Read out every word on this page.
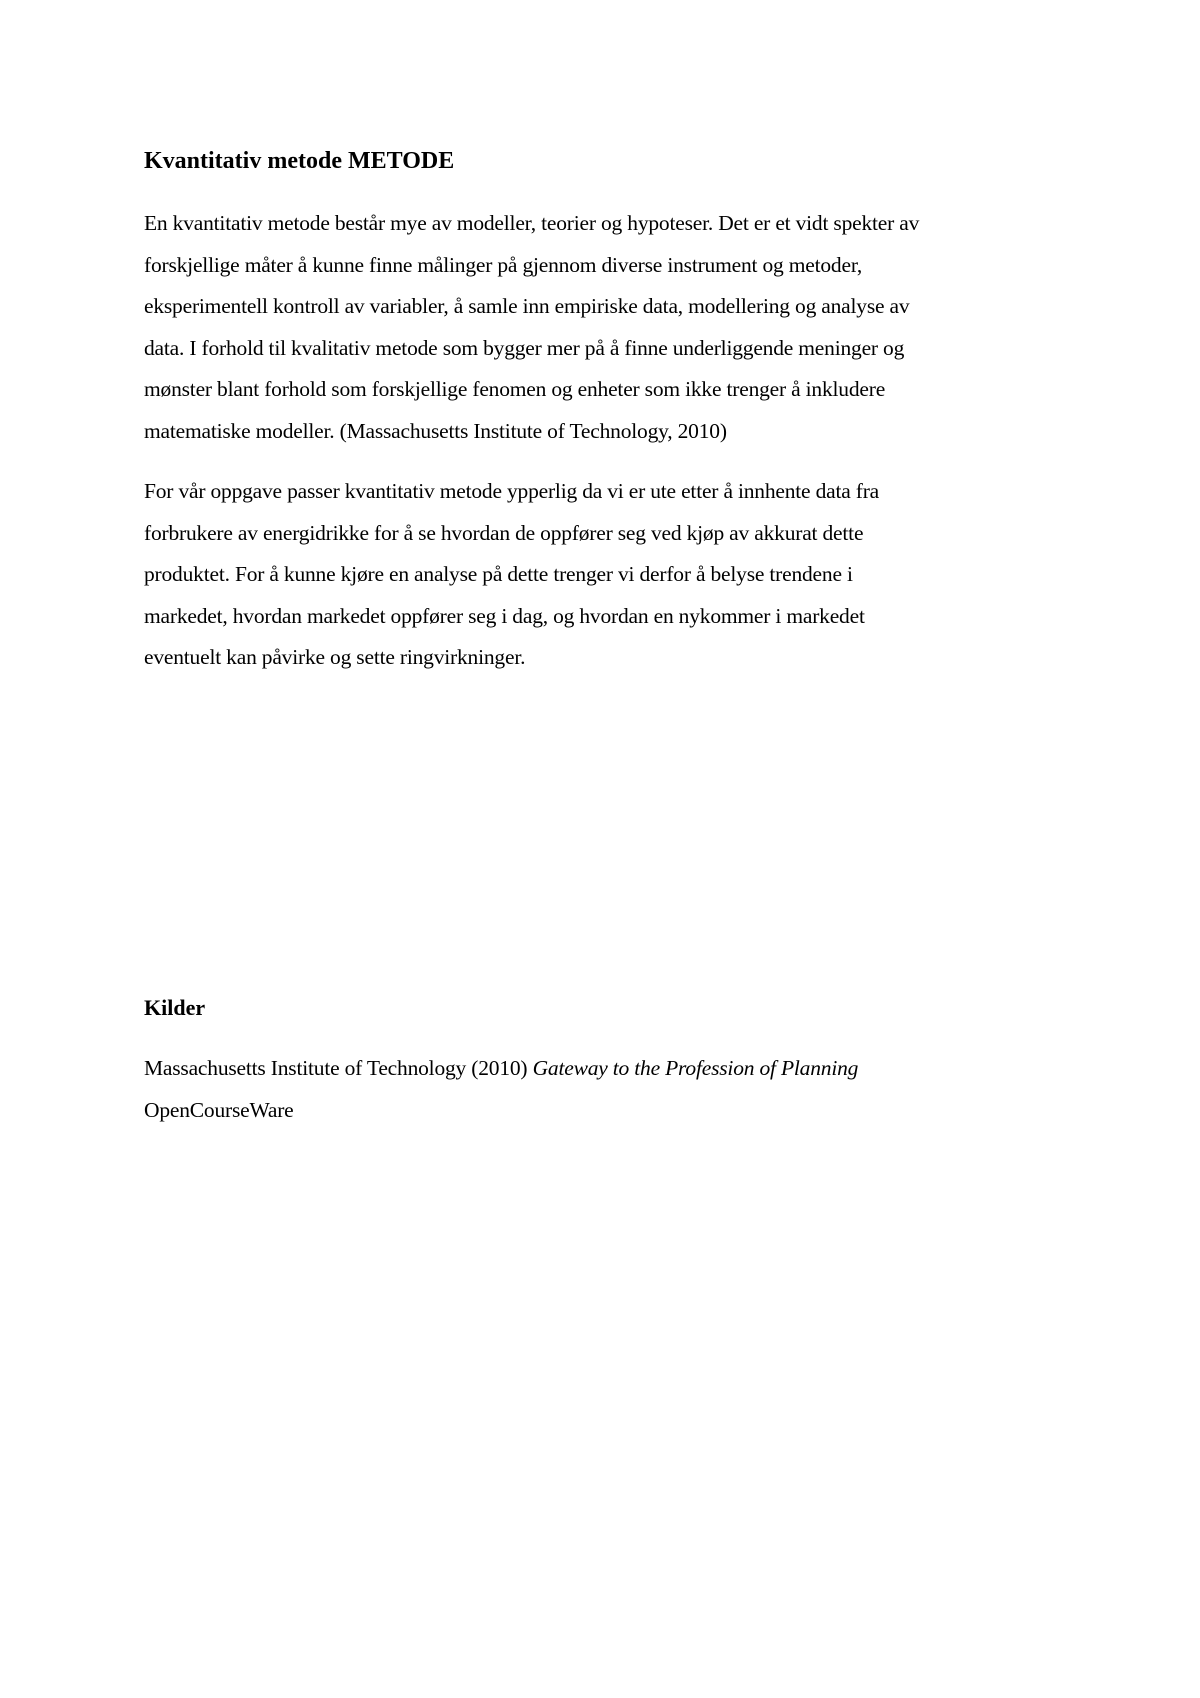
Kvantitativ metode METODE

En kvantitativ metode består mye av modeller, teorier og hypoteser. Det er et vidt spekter av
forskjellige måter å kunne finne målinger på gjennom diverse instrument og metoder,
eksperimentell kontroll av variabler, å samle inn empiriske data, modellering og analyse av
data. I forhold til kvalitativ metode som bygger mer på å finne underliggende meninger og
mønster blant forhold som forskjellige fenomen og enheter som ikke trenger å inkludere
matematiske modeller. (Massachusetts Institute of Technology, 2010)

For vår oppgave passer kvantitativ metode ypperlig da vi er ute etter å innhente data fra
forbrukere av energidrikke for å se hvordan de oppfører seg ved kjøp av akkurat dette
produktet. For å kunne kjøre en analyse på dette trenger vi derfor å belyse trendene i
markedet, hvordan markedet oppfører seg i dag, og hvordan en nykommer i markedet
eventuelt kan påvirke og sette ringvirkninger.

Kilder

Massachusetts Institute of Technology (2010) Gateway to the Profession of Planning
OpenCourseWare
